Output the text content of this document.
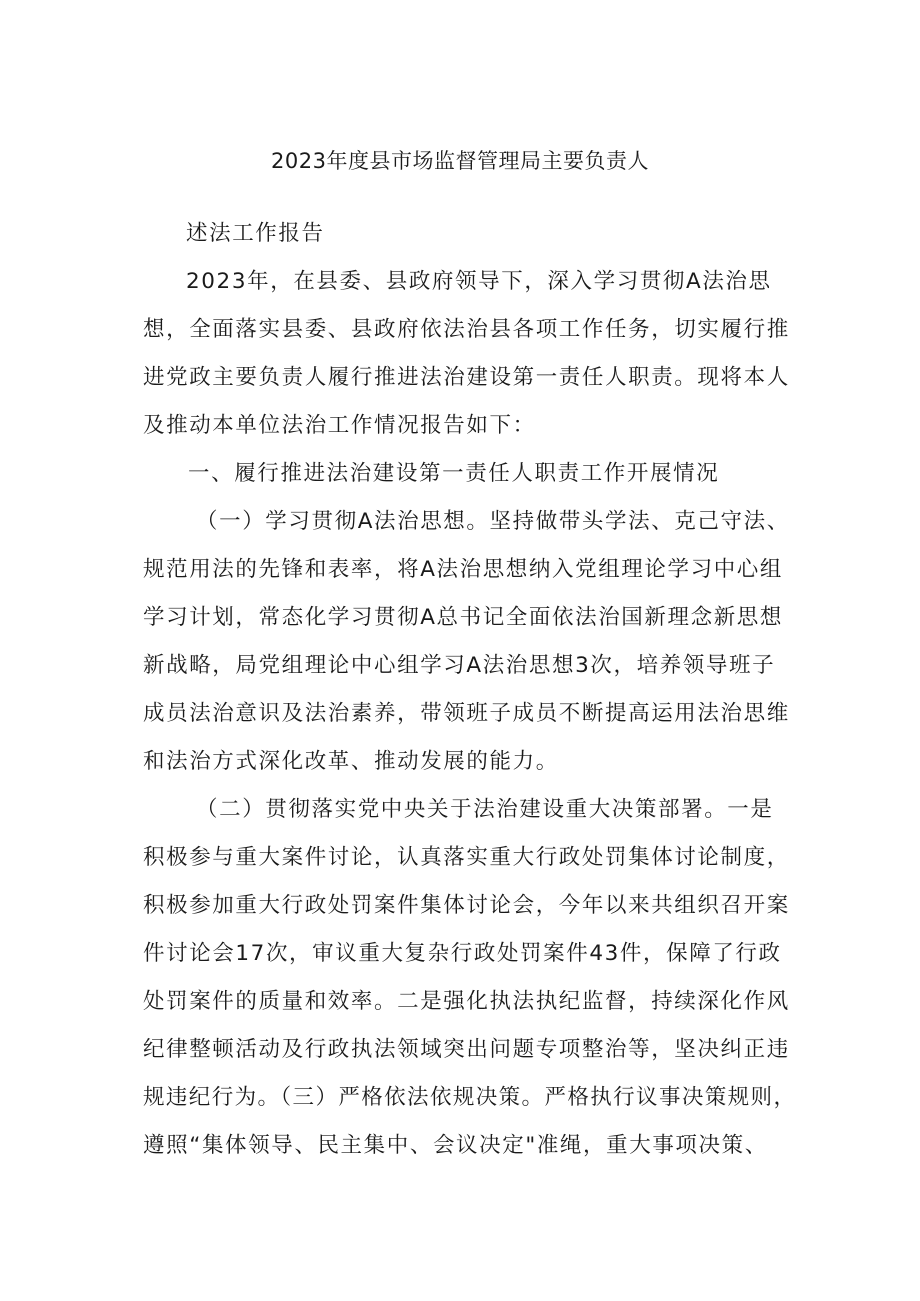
2023年度县市场监督管理局主要负责人
述法工作报告
2023年，在县委、县政府领导下，深入学习贯彻A法治思
想，全面落实县委、县政府依法治县各项工作任务，切实履行推
进党政主要负责人履行推进法治建设第一责任人职责。现将本人
及推动本单位法治工作情况报告如下：
一、履行推进法治建设第一责任人职责工作开展情况
（一）学习贯彻A法治思想。坚持做带头学法、克己守法、
规范用法的先锋和表率，将A法治思想纳入党组理论学习中心组
学习计划，常态化学习贯彻A总书记全面依法治国新理念新思想
新战略，局党组理论中心组学习A法治思想3次，培养领导班子
成员法治意识及法治素养，带领班子成员不断提高运用法治思维
和法治方式深化改革、推动发展的能力。
（二）贯彻落实党中央关于法治建设重大决策部署。一是
积极参与重大案件讨论，认真落实重大行政处罚集体讨论制度，
积极参加重大行政处罚案件集体讨论会，今年以来共组织召开案
件讨论会17次，审议重大复杂行政处罚案件43件，保障了行政
处罚案件的质量和效率。二是强化执法执纪监督，持续深化作风
纪律整顿活动及行政执法领域突出问题专项整治等，坚决纠正违
规违纪行为。（三）严格依法依规决策。严格执行议事决策规则，
遵照“集体领导、民主集中、会议决定"准绳，重大事项决策、
